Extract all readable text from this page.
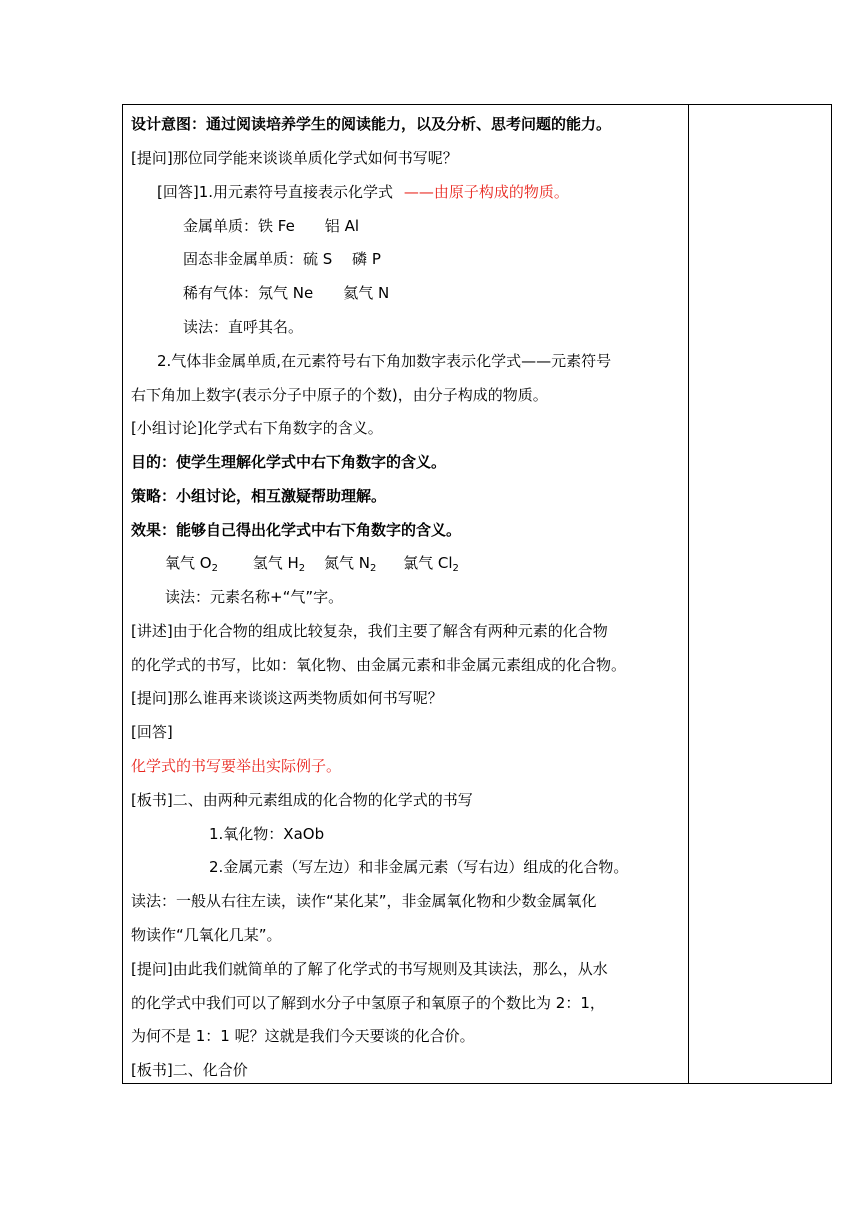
设计意图：通过阅读培养学生的阅读能力，以及分析、思考问题的能力。
[提问]那位同学能来谈谈单质化学式如何书写呢？
[回答]1.用元素符号直接表示化学式 ——由原子构成的物质。
金属单质：铁 Fe　　铝 Al
固态非金属单质：硫 S　 磷 P
稀有气体：氖气 Ne　　氦气 N
读法：直呼其名。
2.气体非金属单质,在元素符号右下角加数字表示化学式——元素符号
右下角加上数字(表示分子中原子的个数)，由分子构成的物质。
[小组讨论]化学式右下角数字的含义。
目的：使学生理解化学式中右下角数字的含义。
策略：小组讨论，相互激疑帮助理解。
效果：能够自己得出化学式中右下角数字的含义。
氧气 $O_2$ 氢气 $H_2$ 氮气 $N_2$ 氯气 $Cl_2$
读法：元素名称+“气”字。
[讲述]由于化合物的组成比较复杂，我们主要了解含有两种元素的化合物
的化学式的书写，比如：氧化物、由金属元素和非金属元素组成的化合物。
[提问]那么谁再来谈谈这两类物质如何书写呢？
[回答]
化学式的书写要举出实际例子。
[板书]二、由两种元素组成的化合物的化学式的书写
1.氧化物：XaOb
2.金属元素（写左边）和非金属元素（写右边）组成的化合物。
读法：一般从右往左读，读作“某化某”，非金属氧化物和少数金属氧化
物读作“几氧化几某”。
[提问]由此我们就简单的了解了化学式的书写规则及其读法，那么，从水
的化学式中我们可以了解到水分子中氢原子和氧原子的个数比为 2：1，
为何不是 1：1 呢？这就是我们今天要谈的化合价。
[板书]二、化合价
